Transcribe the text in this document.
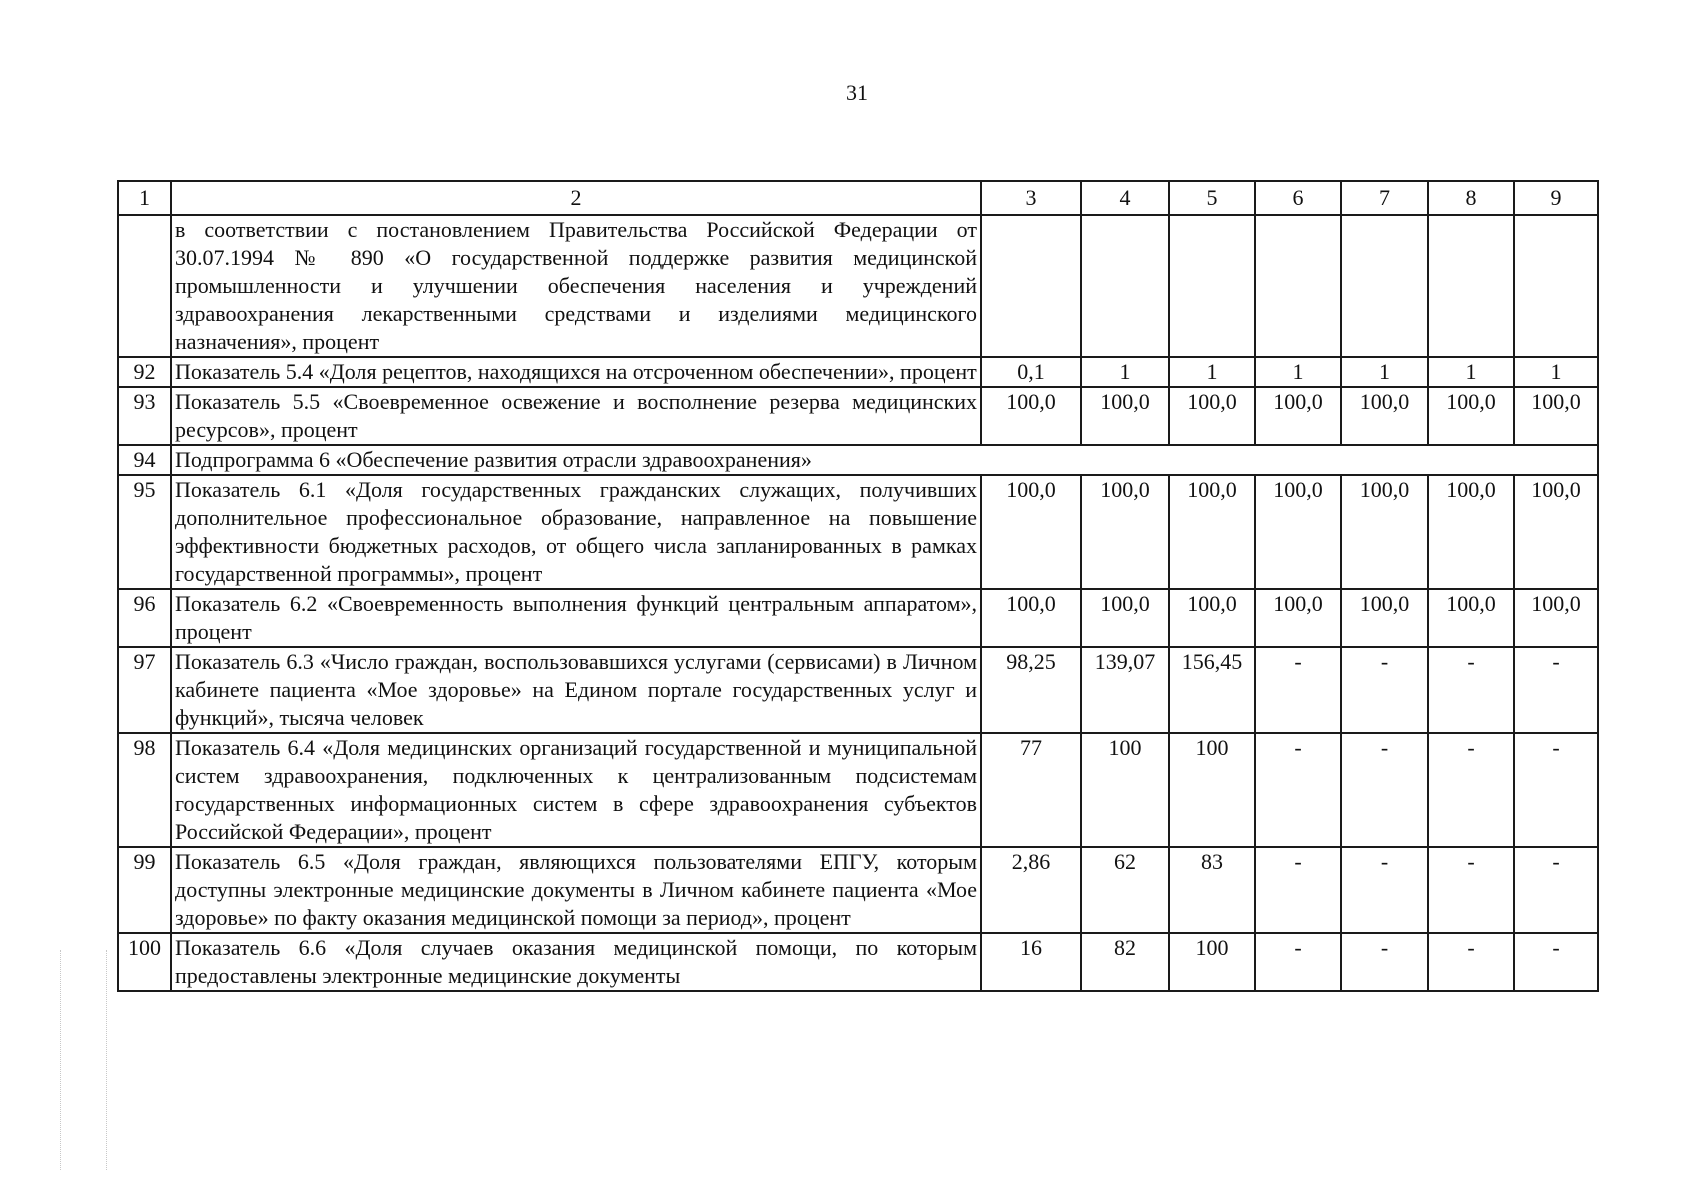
31
1	2	3	4	5	6	7	8	9
	в соответствии с постановлением Правительства Российской Федерации от 30.07.1994 № 890 «О государственной поддержке развития медицинской промышленности и улучшении обеспечения населения и учреждений здравоохранения лекарственными средствами и изделиями медицинского назначения», процент							
92	Показатель 5.4 «Доля рецептов, находящихся на отсроченном обеспечении», процент	0,1	1	1	1	1	1	1
93	Показатель 5.5 «Своевременное освежение и восполнение резерва медицинских ресурсов», процент	100,0	100,0	100,0	100,0	100,0	100,0	100,0
94	Подпрограмма 6 «Обеспечение развития отрасли здравоохранения»							
95	Показатель 6.1 «Доля государственных гражданских служащих, получивших дополнительное профессиональное образование, направленное на повышение эффективности бюджетных расходов, от общего числа запланированных в рамках государственной программы», процент	100,0	100,0	100,0	100,0	100,0	100,0	100,0
96	Показатель 6.2 «Своевременность выполнения функций центральным аппаратом», процент	100,0	100,0	100,0	100,0	100,0	100,0	100,0
97	Показатель 6.3 «Число граждан, воспользовавшихся услугами (сервисами) в Личном кабинете пациента «Мое здоровье» на Едином портале государственных услуг и функций», тысяча человек	98,25	139,07	156,45	-	-	-	-
98	Показатель 6.4 «Доля медицинских организаций государственной и муниципальной систем здравоохранения, подключенных к централизованным подсистемам государственных информационных систем в сфере здравоохранения субъектов Российской Федерации», процент	77	100	100	-	-	-	-
99	Показатель 6.5 «Доля граждан, являющихся пользователями ЕПГУ, которым доступны электронные медицинские документы в Личном кабинете пациента «Мое здоровье» по факту оказания медицинской помощи за период», процент	2,86	62	83	-	-	-	-
100	Показатель 6.6 «Доля случаев оказания медицинской помощи, по которым предоставлены электронные медицинские документы	16	82	100	-	-	-	-
